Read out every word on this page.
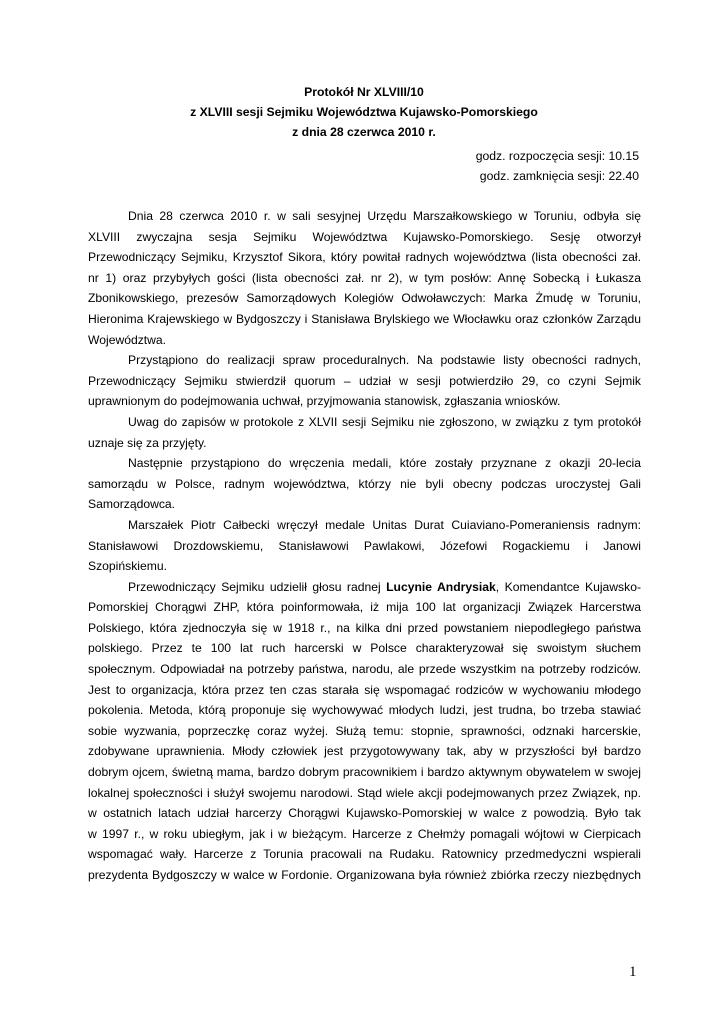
Protokół Nr XLVIII/10
z XLVIII sesji Sejmiku Województwa Kujawsko-Pomorskiego
z dnia 28 czerwca 2010 r.
godz. rozpoczęcia sesji: 10.15
godz. zamknięcia sesji: 22.40
Dnia 28 czerwca 2010 r. w sali sesyjnej Urzędu Marszałkowskiego w Toruniu, odbyła się
XLVIII zwyczajna sesja Sejmiku Województwa Kujawsko-Pomorskiego. Sesję otworzył
Przewodniczący Sejmiku, Krzysztof Sikora, który powitał radnych województwa (lista obecności zał.
nr 1) oraz przybyłych gości (lista obecności zał. nr 2), w tym posłów: Annę Sobecką i Łukasza
Zbonikowskiego, prezesów Samorządowych Kolegiów Odwoławczych: Marka Żmudę w Toruniu,
Hieronima Krajewskiego w Bydgoszczy i Stanisława Brylskiego we Włocławku oraz członków Zarządu
Województwa.
Przystąpiono do realizacji spraw proceduralnych. Na podstawie listy obecności radnych,
Przewodniczący Sejmiku stwierdził quorum – udział w sesji potwierdziło 29, co czyni Sejmik
uprawnionym do podejmowania uchwał, przyjmowania stanowisk, zgłaszania wniosków.
Uwag do zapisów w protokole z XLVII sesji Sejmiku nie zgłoszono, w związku z tym protokół
uznaje się za przyjęty.
Następnie przystąpiono do wręczenia medali, które zostały przyznane z okazji 20-lecia
samorządu w Polsce, radnym województwa, którzy nie byli obecny podczas uroczystej Gali
Samorządowca.
Marszałek Piotr Całbecki wręczył medale Unitas Durat Cuiaviano-Pomeraniensis radnym:
Stanisławowi Drozdowskiemu, Stanisławowi Pawlakowi, Józefowi Rogackiemu i Janowi
Szopińskiemu.
Przewodniczący Sejmiku udzielił głosu radnej Lucynie Andrysiak, Komendantce Kujawsko-
Pomorskiej Chorągwi ZHP, która poinformowała, iż mija 100 lat organizacji Związek Harcerstwa
Polskiego, która zjednoczyła się w 1918 r., na kilka dni przed powstaniem niepodległego państwa
polskiego. Przez te 100 lat ruch harcerski w Polsce charakteryzował się swoistym słuchem
społecznym. Odpowiadał na potrzeby państwa, narodu, ale przede wszystkim na potrzeby rodziców.
Jest to organizacja, która przez ten czas starała się wspomagać rodziców w wychowaniu młodego
pokolenia. Metoda, którą proponuje się wychowywać młodych ludzi, jest trudna, bo trzeba stawiać
sobie wyzwania, poprzeczkę coraz wyżej. Służą temu: stopnie, sprawności, odznaki harcerskie,
zdobywane uprawnienia. Młody człowiek jest przygotowywany tak, aby w przyszłości był bardzo
dobrym ojcem, świetną mama, bardzo dobrym pracownikiem i bardzo aktywnym obywatelem w swojej
lokalnej społeczności i służył swojemu narodowi. Stąd wiele akcji podejmowanych przez Związek, np.
w ostatnich latach udział harcerzy Chorągwi Kujawsko-Pomorskiej w walce z powodzią. Było tak
w 1997 r., w roku ubiegłym, jak i w bieżącym. Harcerze z Chełmży pomagali wójtowi w Cierpicach
wspomagać wały. Harcerze z Torunia pracowali na Rudaku. Ratownicy przedmedyczni wspierali
prezydenta Bydgoszczy w walce w Fordonie. Organizowana była również zbiórka rzeczy niezbędnych
1
